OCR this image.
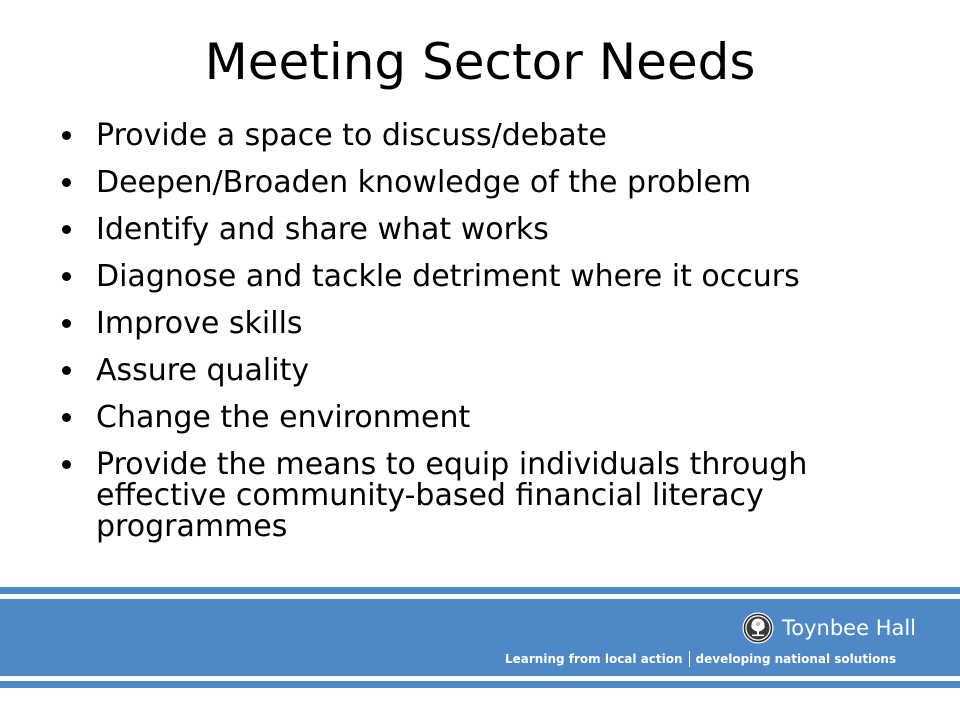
Meeting Sector Needs
Provide a space to discuss/debate
Deepen/Broaden knowledge of the problem
Identify and share what works
Diagnose and tackle detriment where it occurs
Improve skills
Assure quality
Change the environment
Provide the means to equip individuals through effective community-based financial literacy programmes
Toynbee Hall
Learning from local action developing national solutions
